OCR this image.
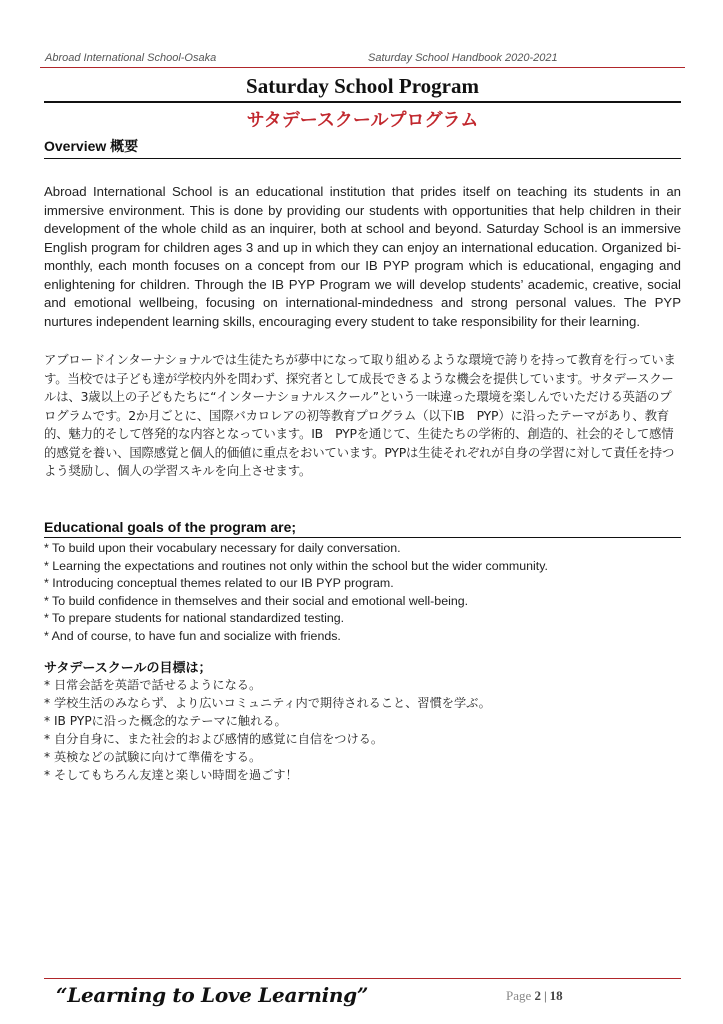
Abroad International School-Osaka	Saturday School Handbook 2020-2021
Saturday School Program
サタデースクールプログラム
Overview 概要

Abroad International School is an educational institution that prides itself on teaching its students in an immersive environment. This is done by providing our students with opportunities that help children in their development of the whole child as an inquirer, both at school and beyond. Saturday School is an immersive English program for children ages 3 and up in which they can enjoy an international education. Organized bi-monthly, each month focuses on a concept from our IB PYP program which is educational, engaging and enlightening for children. Through the IB PYP Program we will develop students’ academic, creative, social and emotional wellbeing, focusing on international-mindedness and strong personal values. The PYP nurtures independent learning skills, encouraging every student to take responsibility for their learning.

アブロードインターナショナルでは生徒たちが夢中になって取り組めるような環境で誇りを持って教育を行っています。当校では子ども達が学校内外を問わず、探究者として成長できるような機会を提供しています。サタデースクールは、3歳以上の子どもたちに“インターナショナルスクール”という一味違った環境を楽しんでいただける英語のプログラムです。2か月ごとに、国際バカロレアの初等教育プログラム（以下IB　PYP）に沿ったテーマがあり、教育的、魅力的そして啓発的な内容となっています。IB　PYPを通じて、生徒たちの学術的、創造的、社会的そして感情的感覚を養い、国際感覚と個人的価値に重点をおいています。PYPは生徒それぞれが自身の学習に対して責任を持つよう奨励し、個人の学習スキルを向上させます。

Educational goals of the program are;
* To build upon their vocabulary necessary for daily conversation.
* Learning the expectations and routines not only within the school but the wider community.
* Introducing conceptual themes related to our IB PYP program.
* To build confidence in themselves and their social and emotional well-being.
* To prepare students for national standardized testing.
* And of course, to have fun and socialize with friends.
サタデースクールの目標は；
* 日常会話を英語で話せるようになる。
* 学校生活のみならず、より広いコミュニティ内で期待されること、習慣を学ぶ。
* IB PYPに沿った概念的なテーマに触れる。
* 自分自身に、また社会的および感情的感覚に自信をつける。
* 英検などの試験に向けて準備をする。
* そしてもちろん友達と楽しい時間を過ごす！
“Learning to Love Learning”	Page 2 | 18
